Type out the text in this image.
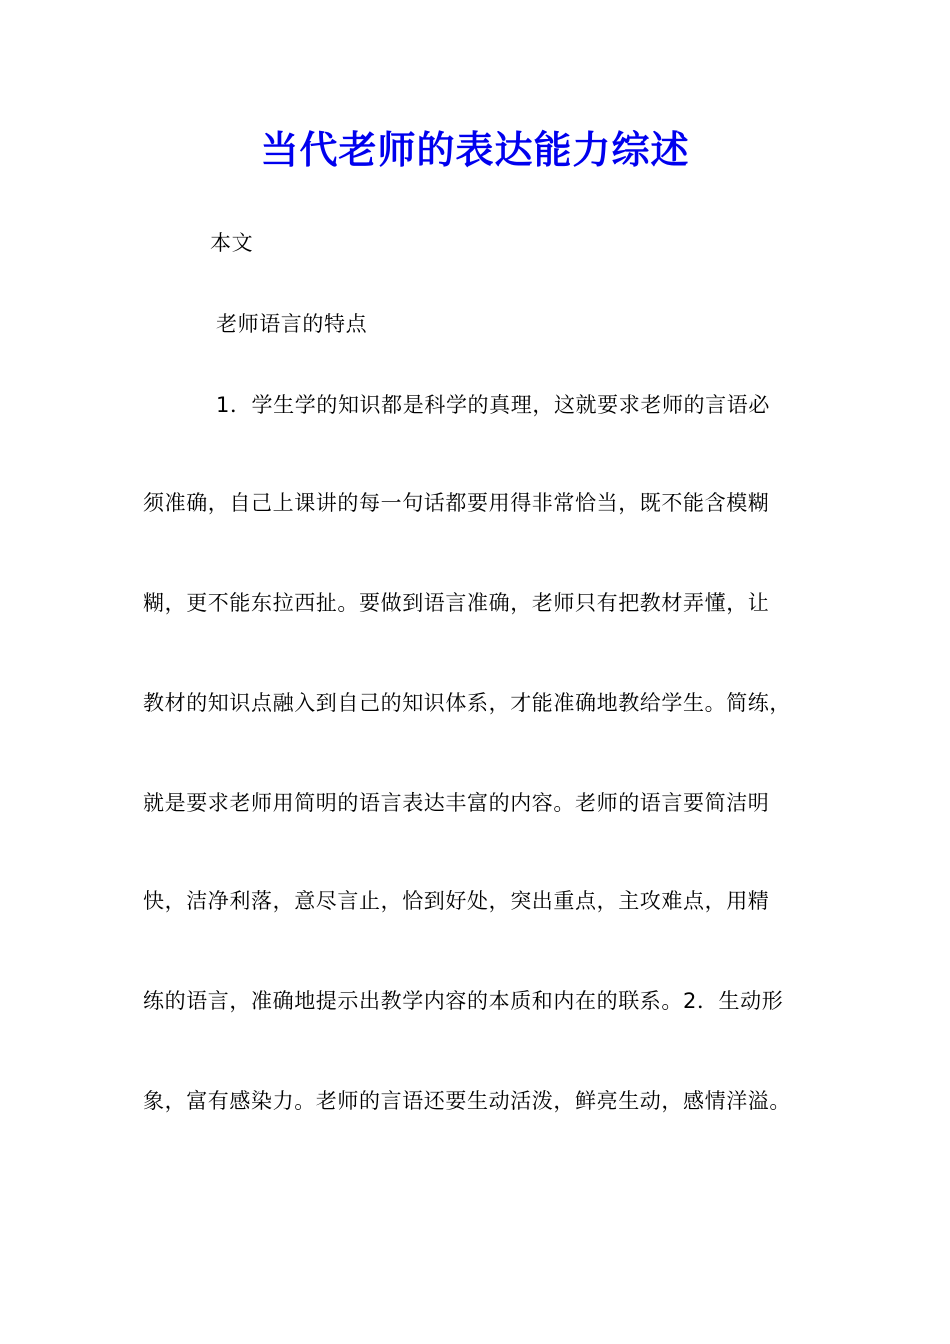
当代老师的表达能力综述
本文
老师语言的特点
1．学生学的知识都是科学的真理，这就要求老师的言语必
须准确，自己上课讲的每一句话都要用得非常恰当，既不能含模糊
糊，更不能东拉西扯。要做到语言准确，老师只有把教材弄懂，让
教材的知识点融入到自己的知识体系，才能准确地教给学生。简练，
就是要求老师用简明的语言表达丰富的内容。老师的语言要简洁明
快，洁净利落，意尽言止，恰到好处，突出重点，主攻难点，用精
练的语言，准确地提示出教学内容的本质和内在的联系。2．生动形
象，富有感染力。老师的言语还要生动活泼，鲜亮生动，感情洋溢。
